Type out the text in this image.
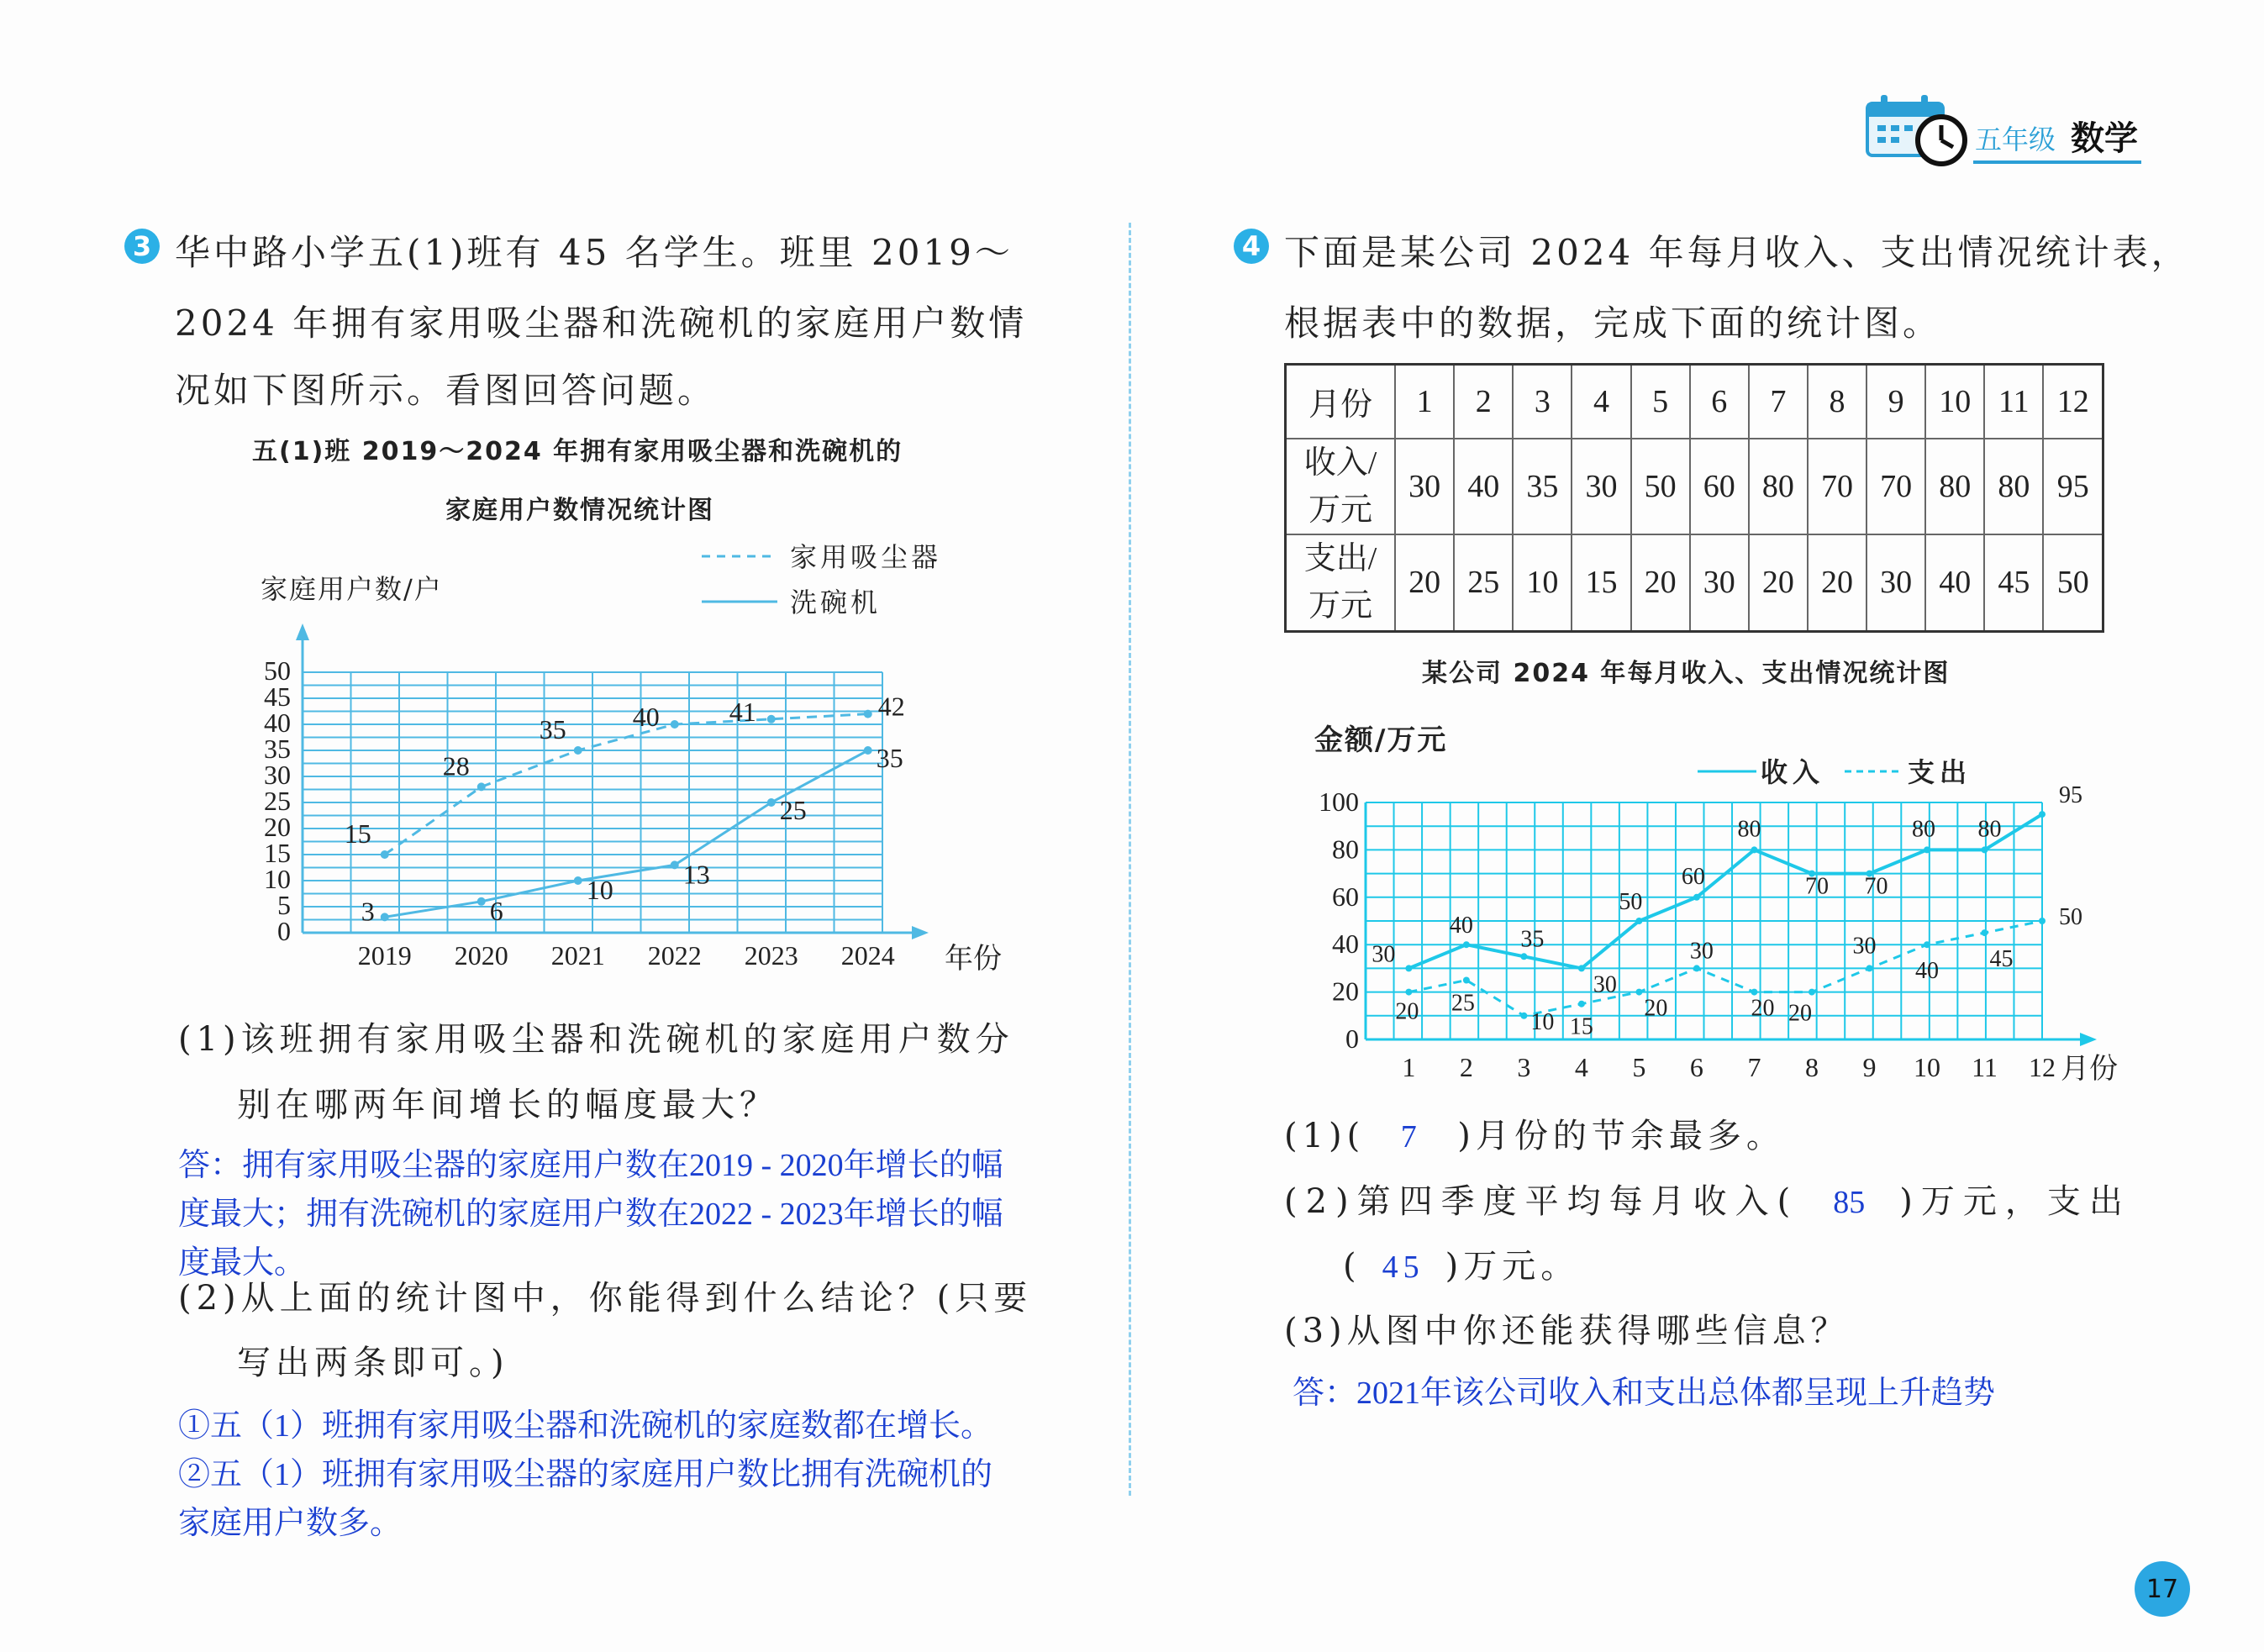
五年级 数学
3 华中路小学五(1)班有 45 名学生。班里 2019～
2024 年拥有家用吸尘器和洗碗机的家庭用户数情
况如下图所示。看图回答问题。
五(1)班 2019～2024 年拥有家用吸尘器和洗碗机的
家庭用户数情况统计图
0
5
10
15
20
25
30
35
40
45
50
2019 2020 2021 2022 2023 2024 年份
家庭用户数/户
家用吸尘器
洗碗机
15
28
35 40	41	42
3	6
10
13
25
35
(1)该班拥有家用吸尘器和洗碗机的家庭用户数分
别在哪两年间增长的幅度最大？
答：拥有家用吸尘器的家庭用户数在2019 - 2020年增长的幅
度最大；拥有洗碗机的家庭用户数在2022 - 2023年增长的幅
度最大。
(2)从上面的统计图中，你能得到什么结论？(只要
写出两条即可。)
①五（1）班拥有家用吸尘器和洗碗机的家庭数都在增长。
②五（1）班拥有家用吸尘器的家庭用户数比拥有洗碗机的
家庭用户数多。
4 下面是某公司 2024 年每月收入、支出情况统计表，
根据表中的数据，完成下面的统计图。
月份	1	2	3	4	5	6	7	8	9	10	11	12

收入/
万元	30	40	35	30	50	60	80	70	70	80	80	95

支出/
万元	20	25	10	15	20	30	20	20	30	40	45	50
某公司 2024 年每月收入、支出情况统计图
0
20
40
60
80
100
1 2 3 4 5 6 7 8 9 10 11 12 月份
金额/万元
收入	支出
30
40
35
30
50
60
80
70 70
80 80
95
20 25
10 15
20
30
20 20
30
40 45
50
(1)( 7 )月份的节余最多。
(2)第四季度平均每月收入( 85 )万元，支出
( 45 )万元。
(3)从图中你还能获得哪些信息？
答：2021年该公司收入和支出总体都呈现上升趋势
17
